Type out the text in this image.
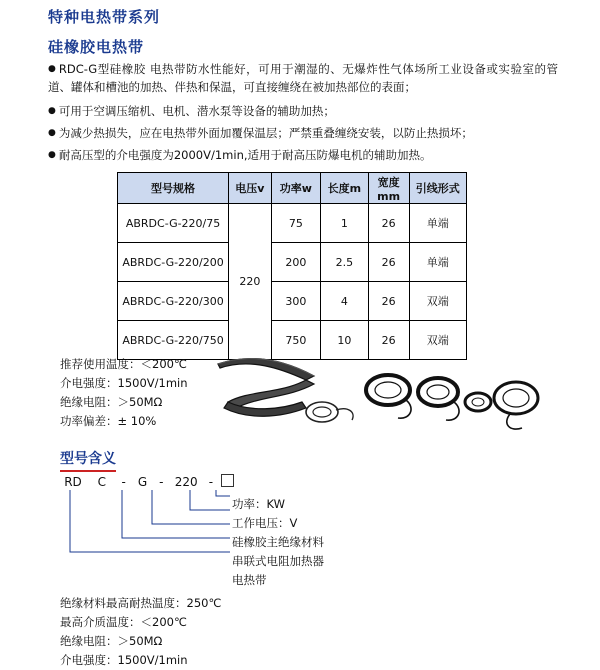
特种电热带系列
硅橡胶电热带
● RDC-G型硅橡胶 电热带防水性能好，可用于潮湿的、无爆炸性气体场所工业设备或实验室的管道、罐体和槽池的加热、伴热和保温，可直接缠绕在被加热部位的表面；
● 可用于空调压缩机、电机、潜水泵等设备的辅助加热；
● 为减少热损失，应在电热带外面加覆保温层；严禁重叠缠绕安装，以防止热损坏；
● 耐高压型的介电强度为2000V/1min,适用于耐高压防爆电机的辅助加热。
型号规格	电压v	功率w	长度m	宽度mm	引线形式
ABRDC-G-220/75	220	75	1	26	单端
ABRDC-G-220/200		200	2.5	26	单端
ABRDC-G-220/300		300	4	26	双端
ABRDC-G-220/750		750	10	26	双端
推荐使用温度：＜200℃
介电强度：1500V/1min
绝缘电阻：＞50MΩ
功率偏差：± 10%
型号含义
RD C - G - 220 -
功率：KW
工作电压：V
硅橡胶主绝缘材料
串联式电阻加热器
电热带
绝缘材料最高耐热温度：250℃
最高介质温度：＜200℃
绝缘电阻：＞50MΩ
介电强度：1500V/1min
